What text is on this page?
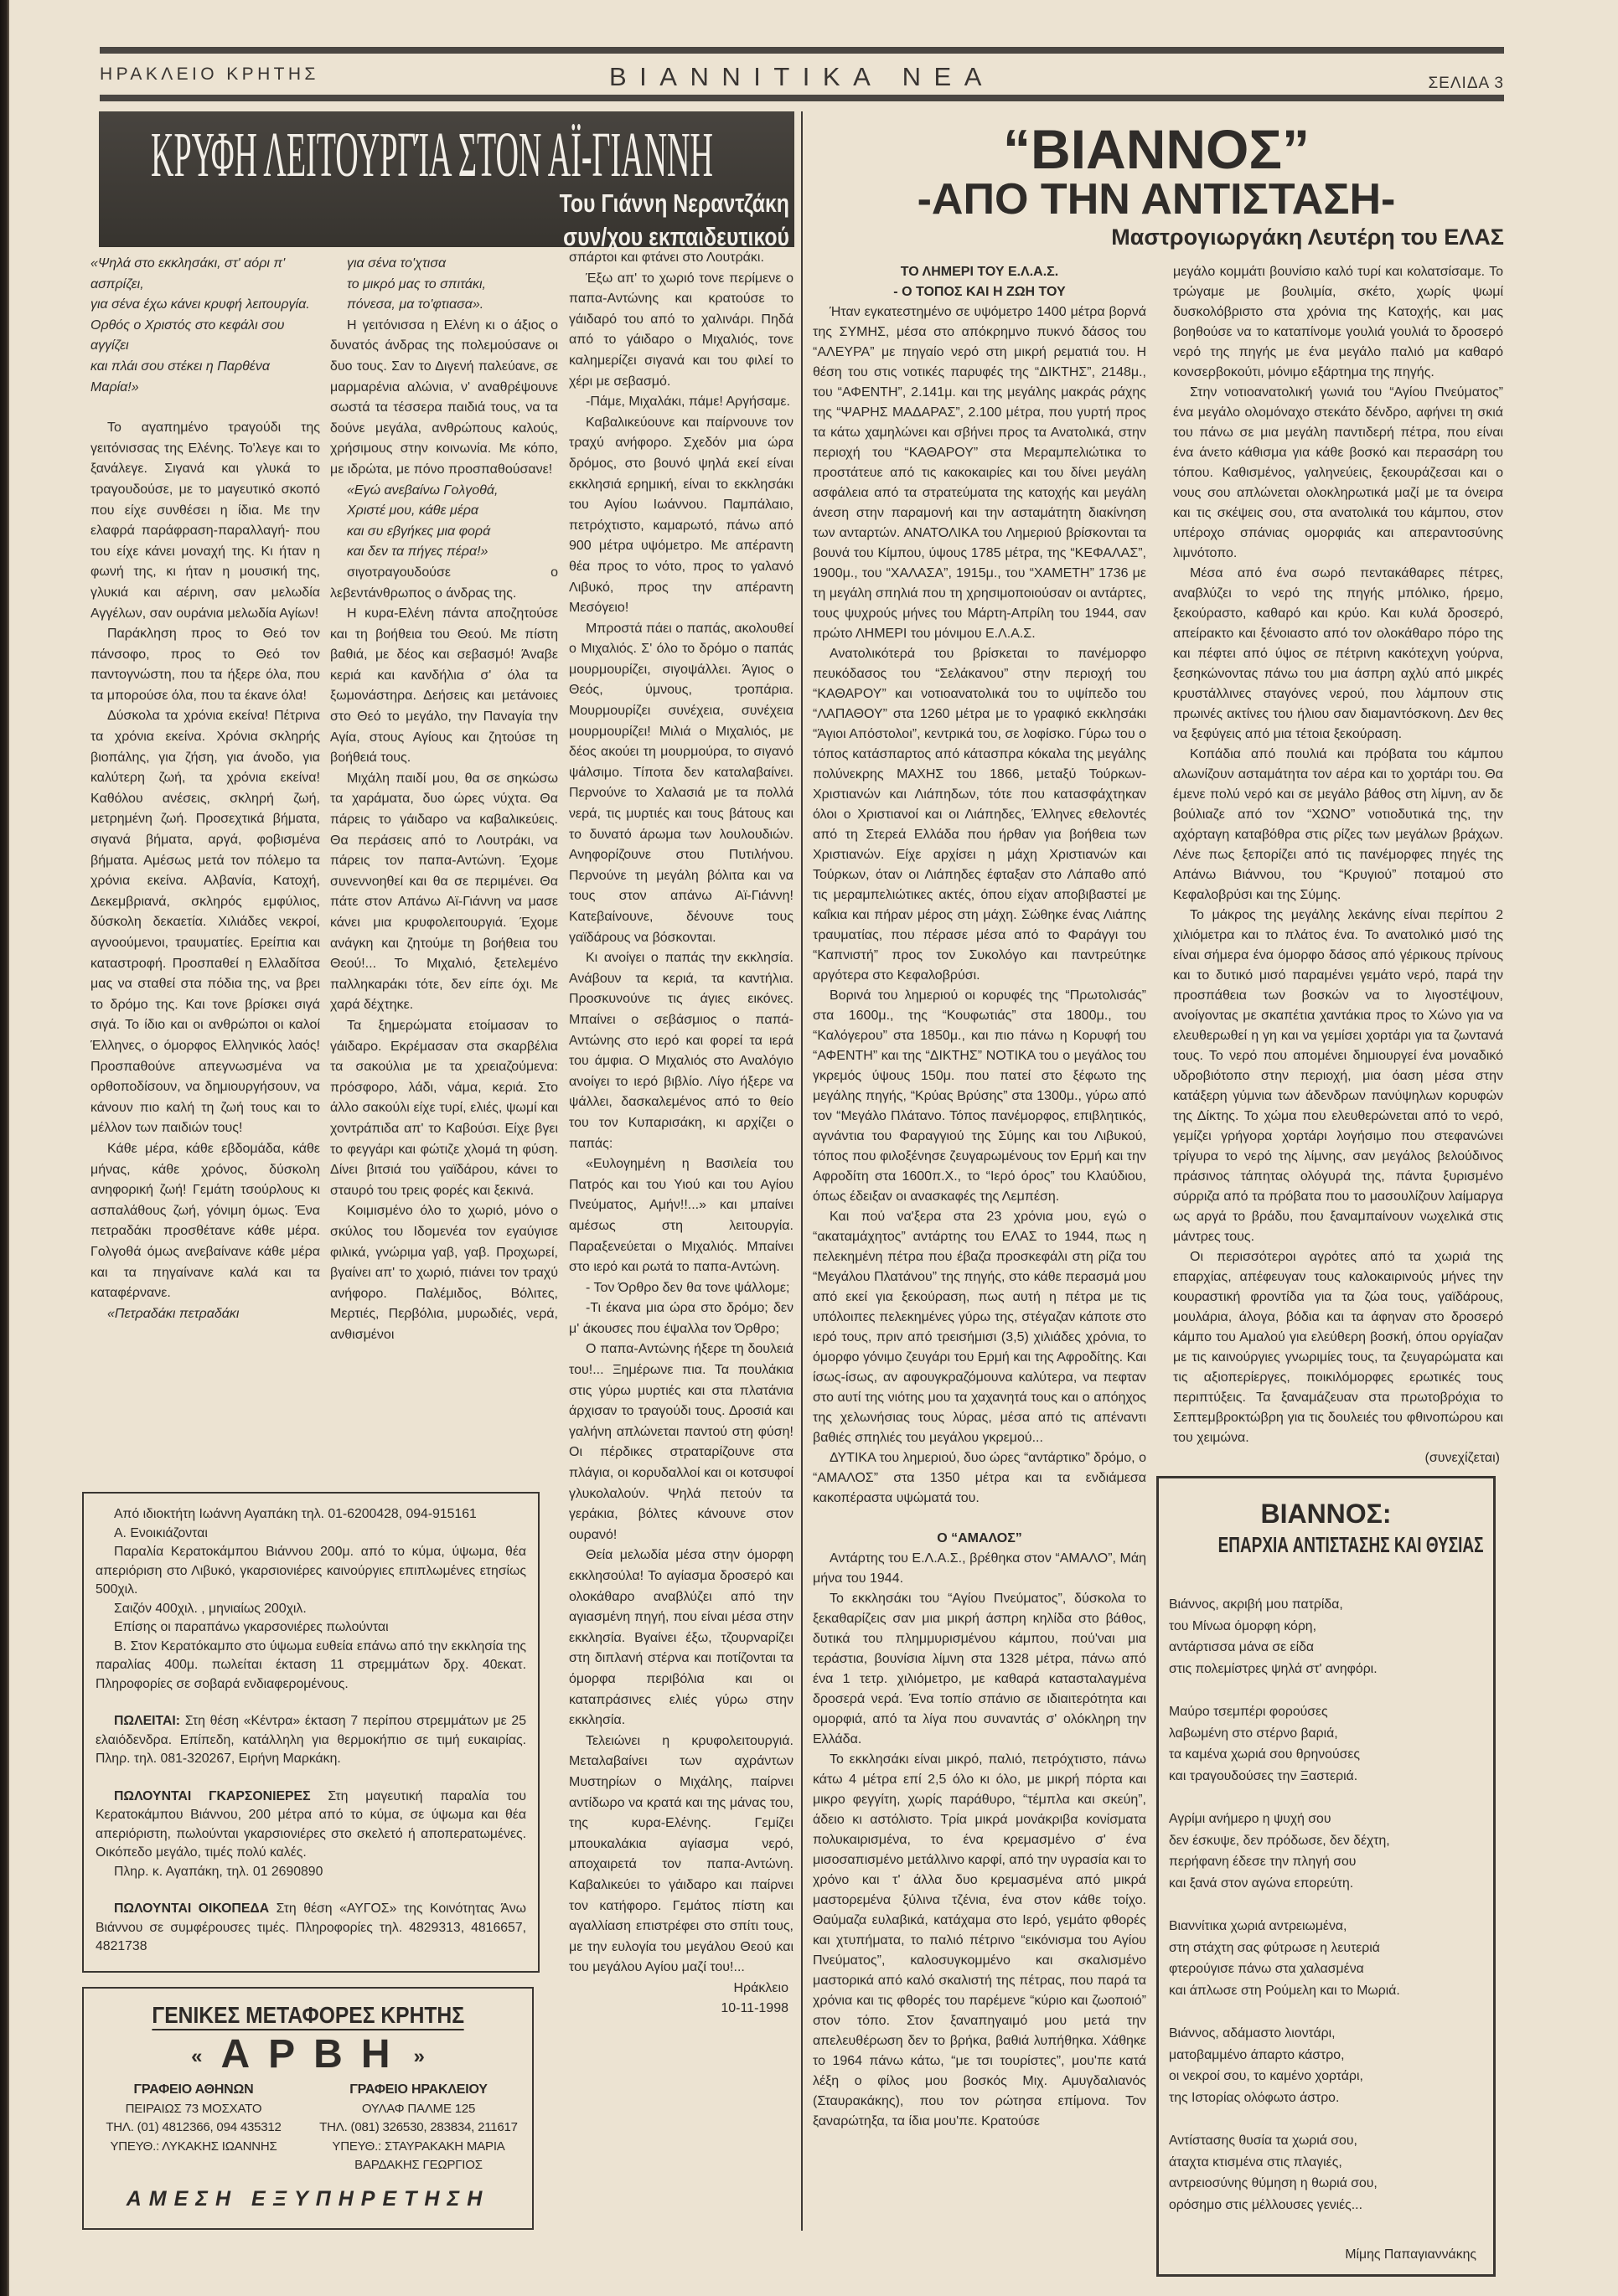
ΗΡΑΚΛΕΙΟ ΚΡΗΤΗΣ	ΒΙΑΝΝΙΤΙΚΑ ΝΕΑ	ΣΕΛΙΔΑ 3
ΚΡΥΦΗ ΛΕΙΤΟΥΡΓΊΑ ΣΤΟΝ ΑΪ-ΓΙΑΝΝΗ
Του Γιάννη Νεραντζάκη
συν/χου εκπαιδευτικού
«Ψηλά στο εκκλησάκι, στ' αόρι π' ασπρίζει,
για σένα έχω κάνει κρυφή λειτουργία.
Ορθός ο Χριστός στο κεφάλι σου αγγίζει
και πλάι σου στέκει η Παρθένα Μαρία!»

Το αγαπημένο τραγούδι της γειτόνισσας της Ελένης. Το'λεγε και το ξανάλεγε. Σιγανά και γλυκά το τραγουδούσε, με το μαγευτικό σκοπό που είχε συνθέσει η ίδια. Με την ελαφρά παράφραση-παραλλαγή- που του είχε κάνει μοναχή της. Κι ήταν η φωνή της, κι ήταν η μουσική της, γλυκιά και αέρινη, σαν μελωδία Αγγέλων, σαν ουράνια μελωδία Αγίων!

Παράκληση προς το Θεό τον πάνσοφο, προς το Θεό τον παντογνώστη, που τα ήξερε όλα, που τα μπορούσε όλα, που τα έκανε όλα!

Δύσκολα τα χρόνια εκείνα! Πέτρινα τα χρόνια εκείνα. Χρόνια σκληρής βιοπάλης, για ζήση, για άνοδο, για καλύτερη ζωή, τα χρόνια εκείνα! Καθόλου ανέσεις, σκληρή ζωή, μετρημένη ζωή. Προσεχτικά βήματα, σιγανά βήματα, αργά, φοβισμένα βήματα. Αμέσως μετά τον πόλεμο τα χρόνια εκείνα. Αλβανία, Κατοχή, Δεκεμβριανά, σκληρός εμφύλιος, δύσκολη δεκαετία. Χιλιάδες νεκροί, αγνοούμενοι, τραυματίες. Ερείπια και καταστροφή. Προσπαθεί η Ελλαδίτσα μας να σταθεί στα πόδια της, να βρει το δρόμο της. Και τονε βρίσκει σιγά σιγά. Το ίδιο και οι ανθρώποι οι καλοί Έλληνες, ο όμορφος Ελληνικός λαός! Προσπαθούνε απεγνωσμένα να ορθοποδίσουν, να δημιουργήσουν, να κάνουν πιο καλή τη ζωή τους και το μέλλον των παιδιών τους!

Κάθε μέρα, κάθε εβδομάδα, κάθε μήνας, κάθε χρόνος, δύσκολη ανηφορική ζωή! Γεμάτη τσούρλους κι ασπαλάθους ζωή, γόνιμη όμως. Ένα πετραδάκι προσθέτανε κάθε μέρα. Γολγοθά όμως ανεβαίνανε κάθε μέρα και τα πηγαίνανε καλά και τα καταφέρνανε.

«Πετραδάκι πετραδάκι
για σένα το'χτισα
το μικρό μας το σπιτάκι,
πόνεσα, μα το'φτιασα».

Η γειτόνισσα η Ελένη κι ο άξιος ο δυνατός άνδρας της πολεμούσανε οι δυο τους. Σαν το Διγενή παλεύανε, σε μαρμαρένια αλώνια, ν' αναθρέψουνε σωστά τα τέσσερα παιδιά τους, να τα δούνε μεγάλα, ανθρώπους καλούς, χρήσιμους στην κοινωνία. Με κόπο, με ιδρώτα, με πόνο προσπαθούσανε!

«Εγώ ανεβαίνω Γολγοθά,
Χριστέ μου, κάθε μέρα
και συ εβγήκες μια φορά
και δεν τα πήγες πέρα!»

σιγοτραγουδούσε ο λεβεντάνθρωπος ο άνδρας της.

Η κυρα-Ελένη πάντα αποζητούσε και τη βοήθεια του Θεού. Με πίστη βαθιά, με δέος και σεβασμό! Άναβε κεριά και κανδήλια σ' όλα τα ξωμονάστηρα. Δεήσεις και μετάνοιες στο Θεό το μεγάλο, την Παναγία την Αγία, στους Αγίους και ζητούσε τη βοήθειά τους.

Μιχάλη παιδί μου, θα σε σηκώσω τα χαράματα, δυο ώρες νύχτα. Θα πάρεις το γάιδαρο να καβαλικεύεις. Θα περάσεις από το Λουτράκι, να πάρεις τον παπα-Αντώνη. Έχομε συνεννοηθεί και θα σε περιμένει. Θα πάτε στον Απάνω Αϊ-Γιάννη να μασε κάνει μια κρυφολειτουργιά. Έχομε ανάγκη και ζητούμε τη βοήθεια του Θεού!... Το Μιχαλιό, ξετελεμένο παλληκαράκι τότε, δεν είπε όχι. Με χαρά δέχτηκε.

Τα ξημερώματα ετοίμασαν το γάιδαρο. Εκρέμασαν στα σκαρβέλια τα σακούλια με τα χρειαζούμενα: πρόσφορο, λάδι, νάμα, κεριά. Στο άλλο σακούλι είχε τυρί, ελιές, ψωμί και χοντράπιδα απ' το Καβούσι. Είχε βγει το φεγγάρι και φώτιζε χλομά τη φύση. Δίνει βιτσιά του γαϊδάρου, κάνει το σταυρό του τρεις φορές και ξεκινά.

Κοιμισμένο όλο το χωριό, μόνο ο σκύλος του Ιδομενέα τον εγαύγισε φιλικά, γνώριμα γαβ, γαβ. Προχωρεί, βγαίνει απ' το χωριό, πιάνει τον τραχύ ανήφορο. Παλέμιδος, Βόλιτες, Μερτιές, Περβόλια, μυρωδιές, νερά, ανθισμένοι

σπάρτοι και φτάνει στο Λουτράκι.

Έξω απ' το χωριό τονε περίμενε ο παπα-Αντώνης και κρατούσε το γάιδαρό του από το χαλινάρι. Πηδά από το γάιδαρο ο Μιχαλιός, τονε καλημερίζει σιγανά και του φιλεί το χέρι με σεβασμό.

-Πάμε, Μιχαλάκι, πάμε! Αργήσαμε.

Καβαλικεύουνε και παίρνουνε τον τραχύ ανήφορο. Σχεδόν μια ώρα δρόμος, στο βουνό ψηλά εκεί είναι εκκλησιά ερημική, είναι το εκκλησάκι του Αγίου Ιωάννου. Παμπάλαιο, πετρόχτιστο, καμαρωτό, πάνω από 900 μέτρα υψόμετρο. Με απέραντη θέα προς το νότο, προς το γαλανό Λιβυκό, προς την απέραντη Μεσόγειο!

Μπροστά πάει ο παπάς, ακολουθεί ο Μιχαλιός. Σ' όλο το δρόμο ο παπάς μουρμουρίζει, σιγοψάλλει. Άγιος ο Θεός, ύμνους, τροπάρια. Μουρμουρίζει συνέχεια, συνέχεια μουρμουρίζει! Μιλιά ο Μιχαλιός, με δέος ακούει τη μουρμούρα, το σιγανό ψάλσιμο. Τίποτα δεν καταλαβαίνει. Περνούνε το Χαλασιά με τα πολλά νερά, τις μυρτιές και τους βάτους και το δυνατό άρωμα των λουλουδιών. Ανηφορίζουνε στου Πυτιλήνου. Περνούνε τη μεγάλη βόλιτα και να τους στον απάνω Αϊ-Γιάννη! Κατεβαίνουνε, δένουνε τους γαϊδάρους να βόσκονται.

Κι ανοίγει ο παπάς την εκκλησία. Ανάβουν τα κεριά, τα καντήλια. Προσκυνούνε τις άγιες εικόνες. Μπαίνει ο σεβάσμιος ο παπά-Αντώνης στο ιερό και φορεί τα ιερά του άμφια. Ο Μιχαλιός στο Αναλόγιο ανοίγει το ιερό βιβλίο. Λίγο ήξερε να ψάλλει, δασκαλεμένος από το θείο του τον Κυπαρισάκη, κι αρχίζει ο παπάς:

«Ευλογημένη η Βασιλεία του Πατρός και του Υιού και του Αγίου Πνεύματος, Αμήν!!...» και μπαίνει αμέσως στη λειτουργία. Παραξενεύεται ο Μιχαλιός. Μπαίνει στο ιερό και ρωτά το παπα-Αντώνη.

- Τον Όρθρο δεν θα τονε ψάλλομε;

-Τι έκανα μια ώρα στο δρόμο; δεν μ' άκουσες που έψαλλα τον Όρθρο;

Ο παπα-Αντώνης ήξερε τη δουλειά του!... Ξημέρωνε πια. Τα πουλάκια στις γύρω μυρτιές και στα πλατάνια άρχισαν το τραγούδι τους. Δροσιά και γαλήνη απλώνεται παντού στη φύση! Οι πέρδικες στραταρίζουνε στα πλάγια, οι κορυδαλλοί και οι κοτσυφοί γλυκολαλούν. Ψηλά πετούν τα γεράκια, βόλτες κάνουνε στον ουρανό!

Θεία μελωδία μέσα στην όμορφη εκκλησούλα! Το αγίασμα δροσερό και ολοκάθαρο αναβλύζει από την αγιασμένη πηγή, που είναι μέσα στην εκκλησία. Βγαίνει έξω, τζουρναρίζει στη διπλανή στέρνα και ποτίζονται τα όμορφα περιβόλια και οι καταπράσινες ελιές γύρω στην εκκλησία.

Τελειώνει η κρυφολειτουργιά. Μεταλαβαίνει των αχράντων Μυστηρίων ο Μιχάλης, παίρνει αντίδωρο να κρατά και της μάνας του, της κυρα-Ελένης. Γεμίζει μπουκαλάκια αγίασμα νερό, αποχαιρετά τον παπα-Αντώνη. Καβαλικεύει το γάιδαρο και παίρνει τον κατήφορο. Γεμάτος πίστη και αγαλλίαση επιστρέφει στο σπίτι τους, με την ευλογία του μεγάλου Θεού και του μεγάλου Αγίου μαζί του!...

Ηράκλειο
10-11-1998

Από ιδιοκτήτη Ιωάννη Αγαπάκη τηλ. 01-6200428, 094-915161

Α. Ενοικιάζονται

Παραλία Κερατοκάμπου Βιάννου 200μ. από το κύμα, ύψωμα, θέα απεριόριση στο Λιβυκό, γκαρσιονιέρες καινούργιες επιπλωμένες ετησίως 500χιλ.

Σαιζόν 400χιλ. , μηνιαίως 200χιλ.

Επίσης οι παραπάνω γκαρσονιέρες πωλούνται

Β. Στον Κερατόκαμπο στο ύψωμα ευθεία επάνω από την εκκλησία της παραλίας 400μ. πωλείται έκταση 11 στρεμμάτων δρχ. 40εκατ. Πληροφορίες σε σοβαρά ενδιαφερομένους.

ΠΩΛΕΙΤΑΙ: Στη θέση «Κέντρα» έκταση 7 περίπου στρεμμάτων με 25 ελαιόδενδρα. Επίπεδη, κατάλληλη για θερμοκήπιο σε τιμή ευκαιρίας. Πληρ. τηλ. 081-320267, Ειρήνη Μαρκάκη.

ΠΩΛΟΥΝΤΑΙ ΓΚΑΡΣΟΝΙΕΡΕΣ Στη μαγευτική παραλία του Κερατοκάμπου Βιάννου, 200 μέτρα από το κύμα, σε ύψωμα και θέα απεριόριστη, πωλούνται γκαρσιονιέρες στο σκελετό ή αποπερατωμένες. Οικόπεδο μεγάλο, τιμές πολύ καλές.

Πληρ. κ. Αγαπάκη, τηλ. 01 2690890

ΠΩΛΟΥΝΤΑΙ ΟΙΚΟΠΕΔΑ Στη θέση «ΑΥΓΟΣ» της Κοινότητας Άνω Βιάννου σε συμφέρουσες τιμές. Πληροφορίες τηλ. 4829313, 4816657, 4821738

ΓΕΝΙΚΕΣ ΜΕΤΑΦΟΡΕΣ ΚΡΗΤΗΣ
« ΑΡΒΗ »
ΓΡΑΦΕΙΟ ΑΘΗΝΩΝ
ΠΕΙΡΑΙΩΣ 73 ΜΟΣΧΑΤΟ
ΤΗΛ. (01) 4812366, 094 435312
ΥΠΕΥΘ.: ΛΥΚΑΚΗΣ ΙΩΑΝΝΗΣ
ΓΡΑΦΕΙΟ ΗΡΑΚΛΕΙΟΥ
ΟΥΛΑΦ ΠΑΛΜΕ 125
ΤΗΛ. (081) 326530, 283834, 211617
ΥΠΕΥΘ.: ΣΤΑΥΡΑΚΑΚΗ ΜΑΡΙΑ
ΒΑΡΔΑΚΗΣ ΓΕΩΡΓΙΟΣ
ΑΜΕΣΗ ΕΞΥΠΗΡΕΤΗΣΗ
“ΒΙΑΝΝΟΣ”
-ΑΠΟ ΤΗΝ ΑΝΤΙΣΤΑΣΗ-
Μαστρογιωργάκη Λευτέρη του ΕΛΑΣ
ΤΟ ΛΗΜΕΡΙ ΤΟΥ Ε.Λ.Α.Σ.
- Ο ΤΟΠΟΣ ΚΑΙ Η ΖΩΗ ΤΟΥ

Ήταν εγκατεστημένο σε υψόμετρο 1400 μέτρα βορνά της ΣΥΜΗΣ, μέσα στο απόκρημνο πυκνό δάσος του “ΑΛΕΥΡΑ” με πηγαίο νερό στη μικρή ρεματιά του. Η θέση του στις νοτικές παρυφές της “ΔΙΚΤΗΣ”, 2148μ., του “ΑΦΕΝΤΗ”, 2.141μ. και της μεγάλης μακράς ράχης της “ΨΑΡΗΣ ΜΑΔΑΡΑΣ”, 2.100 μέτρα, που γυρτή προς τα κάτω χαμηλώνει και σβήνει προς τα Ανατολικά, στην περιοχή του “ΚΑΘΑΡΟΥ” στα Μεραμπελιώτικα το προστάτευε από τις κακοκαιρίες και του δίνει μεγάλη ασφάλεια από τα στρατεύματα της κατοχής και μεγάλη άνεση στην παραμονή και την ασταμάτητη διακίνηση των ανταρτών. ΑΝΑΤΟΛΙΚΑ του Λημεριού βρίσκονται τα βουνά του Κίμπου, ύψους 1785 μέτρα, της “ΚΕΦΑΛΑΣ”, 1900μ., του “ΧΑΛΑΣΑ”, 1915μ., του “ΧΑΜΕΤΗ” 1736 με τη μεγάλη σπηλιά που τη χρησιμοποιούσαν οι αντάρτες, τους ψυχρούς μήνες του Μάρτη-Απρίλη του 1944, σαν πρώτο ΛΗΜΕΡΙ του μόνιμου Ε.Λ.Α.Σ.

Ανατολικότερά του βρίσκεται το πανέμορφο πευκόδασος του “Σελάκανου” στην περιοχή του “ΚΑΘΑΡΟΥ” και νοτιοανατολικά του το υψίπεδο του “ΛΑΠΑΘΟΥ” στα 1260 μέτρα με το γραφικό εκκλησάκι “Άγιοι Απόστολοι”, κεντρικά του, σε λοφίσκο. Γύρω του ο τόπος κατάσπαρτος από κάτασπρα κόκαλα της μεγάλης πολύνεκρης ΜΑΧΗΣ του 1866, μεταξύ Τούρκων-Χριστιανών και Λιάπηδων, τότε που κατασφάχτηκαν όλοι ο Χριστιανοί και οι Λιάπηδες, Έλληνες εθελοντές από τη Στερεά Ελλάδα που ήρθαν για βοήθεια των Χριστιανών. Είχε αρχίσει η μάχη Χριστιανών και Τούρκων, όταν οι Λιάπηδες έφταξαν στο Λάπαθο από τις μεραμπελιώτικες ακτές, όπου είχαν αποβιβαστεί με καΐκια και πήραν μέρος στη μάχη. Σώθηκε ένας Λιάπης τραυματίας, που πέρασε μέσα από το Φαράγγι του “Καπνιστή” προς τον Συκολόγο και παντρεύτηκε αργότερα στο Κεφαλοβρύσι.

Βορινά του λημεριού οι κορυφές της “Πρωτολισάς” στα 1600μ., της “Κουφωτιάς” στα 1800μ., του “Καλόγερου” στα 1850μ., και πιο πάνω η Κορυφή του “ΑΦΕΝΤΗ” και της “ΔΙΚΤΗΣ” ΝΟΤΙΚΑ του ο μεγάλος του γκρεμός ύψους 150μ. που πατεί στο ξέφωτο της μεγάλης πηγής, “Κρύας Βρύσης” στα 1300μ., γύρω από τον “Μεγάλο Πλάτανο. Τόπος πανέμορφος, επιβλητικός, αγνάντια του Φαραγγιού της Σύμης και του Λιβυκού, τόπος που φιλοξένησε ζευγαρωμένους τον Ερμή και την Αφροδίτη στα 1600π.Χ., το “Ιερό όρος” του Κλαύδιου, όπως έδειξαν οι ανασκαφές της Λεμπέση.

Και πού να'ξερα στα 23 χρόνια μου, εγώ ο “ακαταμάχητος” αντάρτης του ΕΛΑΣ το 1944, πως η πελεκημένη πέτρα που έβαζα προσκεφάλι στη ρίζα του “Μεγάλου Πλατάνου” της πηγής, στο κάθε περασμά μου από εκεί για ξεκούραση, πως αυτή η πέτρα με τις υπόλοιπες πελεκημένες γύρω της, στέγαζαν κάποτε στο ιερό τους, πριν από τρεισήμισι (3,5) χιλιάδες χρόνια, το όμορφο γόνιμο ζευγάρι του Ερμή και της Αφροδίτης. Και ίσως-ίσως, αν αφουγκραζόμουνα καλύτερα, να πεφταν στο αυτί της νιότης μου τα χαχανητά τους και ο απόηχος της χελωνήσιας τους λύρας, μέσα από τις απέναντι βαθιές σπηλιές του μεγάλου γκρεμού...

ΔΥΤΙΚΑ του λημεριού, δυο ώρες “αντάρτικο” δρόμο, ο “ΑΜΑΛΟΣ” στα 1350 μέτρα και τα ενδιάμεσα κακοπέραστα υψώματά του.

Ο “ΑΜΑΛΟΣ”

Αντάρτης του Ε.Λ.Α.Σ., βρέθηκα στον “ΑΜΑΛΟ”, Μάη μήνα του 1944.

Το εκκλησάκι του “Αγίου Πνεύματος”, δύσκολα το ξεκαθαρίζεις σαν μια μικρή άσπρη κηλίδα στο βάθος, δυτικά του πλημμυρισμένου κάμπου, πού'ναι μια τεράστια, βουνίσια λίμνη στα 1328 μέτρα, πάνω από ένα 1 τετρ. χιλιόμετρο, με καθαρά κατασταλαγμένα δροσερά νερά. Ένα τοπίο σπάνιο σε ιδιαιτερότητα και ομορφιά, από τα λίγα που συναντάς σ' ολόκληρη την Ελλάδα.

Το εκκλησάκι είναι μικρό, παλιό, πετρόχτιστο, πάνω κάτω 4 μέτρα επί 2,5 όλο κι όλο, με μικρή πόρτα και μικρο φεγγίτη, χωρίς παράθυρο, “τέμπλα και σκεύη”, άδειο κι αστόλιστο. Τρία μικρά μονάκριβα κονίσματα πολυκαιρισμένα, το ένα κρεμασμένο σ' ένα μισοσαπισμένο μετάλλινο καρφί, από την υγρασία και το χρόνο και τ' άλλα δυο κρεμασμένα από μικρά μαστορεμένα ξύλινα τζένια, ένα στον κάθε τοίχο. Θαύμαζα ευλαβικά, κατάχαμα στο Ιερό, γεμάτο φθορές και χτυπήματα, το παλιό πέτρινο “εικόνισμα του Αγίου Πνεύματος”, καλοσυγκομμένο και σκαλισμένο μαστορικά από καλό σκαλιστή της πέτρας, που παρά τα χρόνια και τις φθορές του παρέμενε “κύριο και ζωοποιό” στον τόπο. Στον ξαναπηγαιμό μου μετά την απελευθέρωση δεν το βρήκα, βαθιά λυπήθηκα. Χάθηκε το 1964 πάνω κάτω, “με τσι τουρίστες”, μου'πε κατά λέξη ο φίλος μου βοσκός Μιχ. Αμυγδαλιανός (Σταυρακάκης), που τον ρώτησα επίμονα. Τον ξαναρώτηξα, τα ίδια μου'πε. Κρατούσε

μεγάλο κομμάτι βουνίσιο καλό τυρί και κολατσίσαμε. Το τρώγαμε με βουλιμία, σκέτο, χωρίς ψωμί δυσκολόβριστο στα χρόνια της Κατοχής, και μας βοηθούσε να το καταπίνομε γουλιά γουλιά το δροσερό νερό της πηγής με ένα μεγάλο παλιό μα καθαρό κονσερβοκούτι, μόνιμο εξάρτημα της πηγής.

Στην νοτιοανατολική γωνιά του “Αγίου Πνεύματος” ένα μεγάλο ολομόναχο στεκάτο δένδρο, αφήνει τη σκιά του πάνω σε μια μεγάλη παντιδερή πέτρα, που είναι ένα άνετο κάθισμα για κάθε βοσκό και περασάρη του τόπου. Καθισμένος, γαληνεύεις, ξεκουράζεσαι και ο νους σου απλώνεται ολοκληρωτικά μαζί με τα όνειρα και τις σκέψεις σου, στα ανατολικά του κάμπου, στον υπέροχο σπάνιας ομορφιάς και απεραντοσύνης λιμνότοπο.

Μέσα από ένα σωρό πεντακάθαρες πέτρες, αναβλύζει το νερό της πηγής μπόλικο, ήρεμο, ξεκούραστο, καθαρό και κρύο. Και κυλά δροσερό, απείρακτο και ξένοιαστο από τον ολοκάθαρο πόρο της και πέφτει από ύψος σε πέτρινη κακότεχνη γούρνα, ξεσηκώνοντας πάνω του μια άσπρη αχλύ από μικρές κρυστάλλινες σταγόνες νερού, που λάμπουν στις πρωινές ακτίνες του ήλιου σαν διαμαντόσκονη. Δεν θες να ξεφύγεις από μια τέτοια ξεκούραση.

Κοπάδια από πουλιά και πρόβατα του κάμπου αλωνίζουν ασταμάτητα τον αέρα και το χορτάρι του. Θα έμενε πολύ νερό και σε μεγάλο βάθος στη λίμνη, αν δε βούλιαζε από τον “ΧΩΝΟ” νοτιοδυτικά της, την αχόρταγη καταβόθρα στις ρίζες των μεγάλων βράχων. Λένε πως ξεπορίζει από τις πανέμορφες πηγές της Απάνω Βιάννου, του “Κρυγιού” ποταμού στο Κεφαλοβρύσι και της Σύμης.

Το μάκρος της μεγάλης λεκάνης είναι περίπου 2 χιλιόμετρα και το πλάτος ένα. Το ανατολικό μισό της είναι σήμερα ένα όμορφο δάσος από γέρικους πρίνους και το δυτικό μισό παραμένει γεμάτο νερό, παρά την προσπάθεια των βοσκών να το λιγοστέψουν, ανοίγοντας με σκαπέτια χαντάκια προς το Χώνο για να ελευθερωθεί η γη και να γεμίσει χορτάρι για τα ζωντανά τους. Το νερό που απομένει δημιουργεί ένα μοναδικό υδροβιότοπο στην περιοχή, μια όαση μέσα στην κατάξερη γύμνια των άδενδρων πανύψηλων κορυφών της Δίκτης. Το χώμα που ελευθερώνεται από το νερό, γεμίζει γρήγορα χορτάρι λογήσιμο που στεφανώνει τρίγυρα το νερό της λίμνης, σαν μεγάλος βελούδινος πράσινος τάπητας ολόγυρά της, πάντα ξυρισμένο σύρριζα από τα πρόβατα που το μασουλίζουν λαίμαργα ως αργά το βράδυ, που ξαναμπαίνουν νωχελικά στις μάντρες τους.

Οι περισσότεροι αγρότες από τα χωριά της επαρχίας, απέφευγαν τους καλοκαιρινούς μήνες την κουραστική φροντίδα για τα ζώα τους, γαϊδάρους, μουλάρια, άλογα, βόδια και τα άφηναν στο δροσερό κάμπο του Αμαλού για ελεύθερη βοσκή, όπου οργίαζαν με τις καινούργιες γνωριμίες τους, τα ζευγαρώματα και τις αξιοπερίεργες, ποικιλόμορφες ερωτικές τους περιπτύξεις. Τα ξαναμάζευαν στα πρωτοβρόχια το Σεπτεμβροκτώβρη για τις δουλειές του φθινοπώρου και του χειμώνα.

(συνεχίζεται)
ΒΙΑΝΝΟΣ:
ΕΠΑΡΧΙΑ ΑΝΤΙΣΤΑΣΗΣ ΚΑΙ ΘΥΣΙΑΣ
Βιάννος, ακριβή μου πατρίδα,
του Μίνωα όμορφη κόρη,
αντάρτισσα μάνα σε είδα
στις πολεμίστρες ψηλά στ' ανηφόρι.
Μαύρο τσεμπέρι φορούσες
λαβωμένη στο στέρνο βαριά,
τα καμένα χωριά σου θρηνούσες
και τραγουδούσες την Ξαστεριά.
Αγρίμι ανήμερο η ψυχή σου
δεν έσκυψε, δεν πρόδωσε, δεν δέχτη,
περήφανη έδεσε την πληγή σου
και ξανά στον αγώνα επορεύτη.
Βιαννίτικα χωριά αντρειωμένα,
στη στάχτη σας φύτρωσε η λευτεριά
φτερούγισε πάνω στα χαλασμένα
και άπλωσε στη Ρούμελη και το Μωριά.
Βιάννος, αδάμαστο λιοντάρι,
ματοβαμμένο άπαρτο κάστρο,
οι νεκροί σου, το καμένο χορτάρι,
της Ιστορίας ολόφωτο άστρο.
Αντίστασης θυσία τα χωριά σου,
άταχτα κτισμένα στις πλαγιές,
αντρειοσύνης θύμηση η θωριά σου,
ορόσημο στις μέλλουσες γενιές...
Μίμης Παπαγιαννάκης
